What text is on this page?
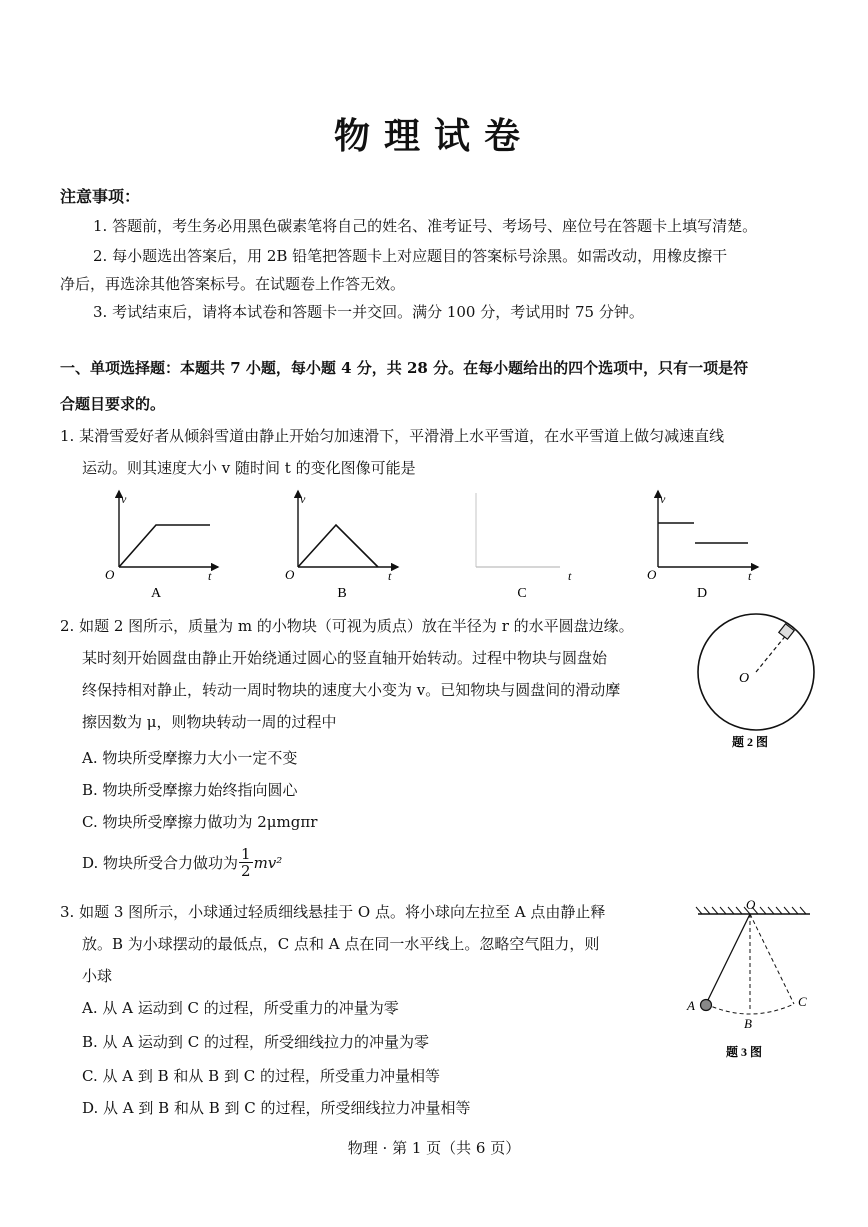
物理试卷
注意事项：
1. 答题前，考生务必用黑色碳素笔将自己的姓名、准考证号、考场号、座位号在答题卡上填写清楚。
2. 每小题选出答案后，用 2B 铅笔把答题卡上对应题目的答案标号涂黑。如需改动，用橡皮擦干
净后，再选涂其他答案标号。在试题卷上作答无效。
3. 考试结束后，请将本试卷和答题卡一并交回。满分 100 分，考试用时 75 分钟。
一、单项选择题：本题共 7 小题，每小题 4 分，共 28 分。在每小题给出的四个选项中，只有一项是符
合题目要求的。
1. 某滑雪爱好者从倾斜雪道由静止开始匀加速滑下，平滑滑上水平雪道，在水平雪道上做匀减速直线
运动。则其速度大小 v 随时间 t 的变化图像可能是
v
t
O
A
v
t
O
B
t
C
v
t
O
D
2. 如题 2 图所示，质量为 m 的小物块（可视为质点）放在半径为 r 的水平圆盘边缘。
某时刻开始圆盘由静止开始绕通过圆心的竖直轴开始转动。过程中物块与圆盘始
终保持相对静止，转动一周时物块的速度大小变为 v。已知物块与圆盘间的滑动摩
擦因数为 μ，则物块转动一周的过程中
A. 物块所受摩擦力大小一定不变
B. 物块所受摩擦力始终指向圆心
C. 物块所受摩擦力做功为 2μmgπr
D. 物块所受合力做功为 $\frac{1}{2} mv^2$
O
题 2 图
3. 如题 3 图所示，小球通过轻质细线悬挂于 O 点。将小球向左拉至 A 点由静止释
放。B 为小球摆动的最低点，C 点和 A 点在同一水平线上。忽略空气阻力，则
小球
A. 从 A 运动到 C 的过程，所受重力的冲量为零
B. 从 A 运动到 C 的过程，所受细线拉力的冲量为零
C. 从 A 到 B 和从 B 到 C 的过程，所受重力冲量相等
D. 从 A 到 B 和从 B 到 C 的过程，所受细线拉力冲量相等
O
A
B
C
题 3 图
物理 · 第 1 页（共 6 页）
